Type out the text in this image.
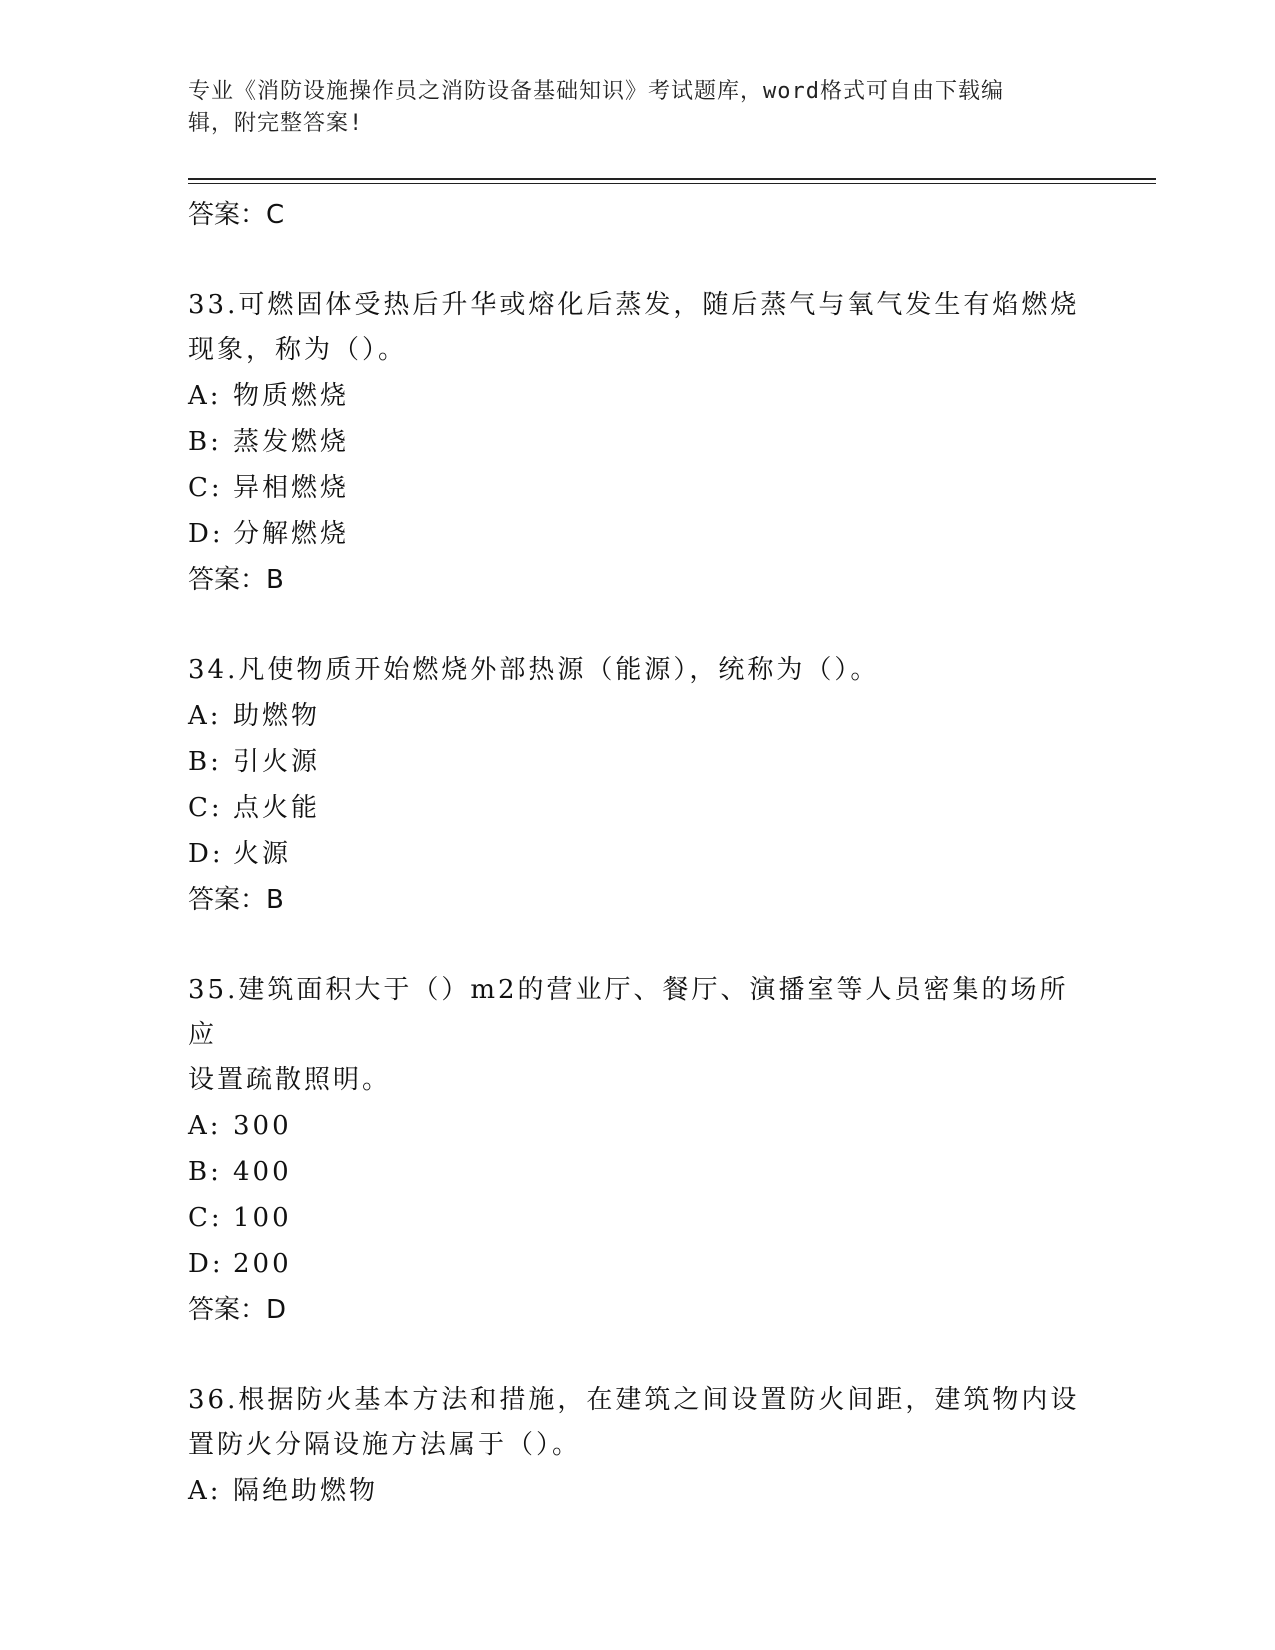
专业《消防设施操作员之消防设备基础知识》考试题库，word格式可自由下载编
辑，附完整答案!
答案：C
33.可燃固体受热后升华或熔化后蒸发，随后蒸气与氧气发生有焰燃烧
现象，称为（）。
A: 物质燃烧
B: 蒸发燃烧
C: 异相燃烧
D: 分解燃烧
答案：B
34.凡使物质开始燃烧外部热源（能源），统称为（）。
A: 助燃物
B: 引火源
C: 点火能
D: 火源
答案：B
35.建筑面积大于（）m2的营业厅、餐厅、演播室等人员密集的场所应
设置疏散照明。
A: 300
B: 400
C: 100
D: 200
答案：D
36.根据防火基本方法和措施，在建筑之间设置防火间距，建筑物内设
置防火分隔设施方法属于（）。
A: 隔绝助燃物
